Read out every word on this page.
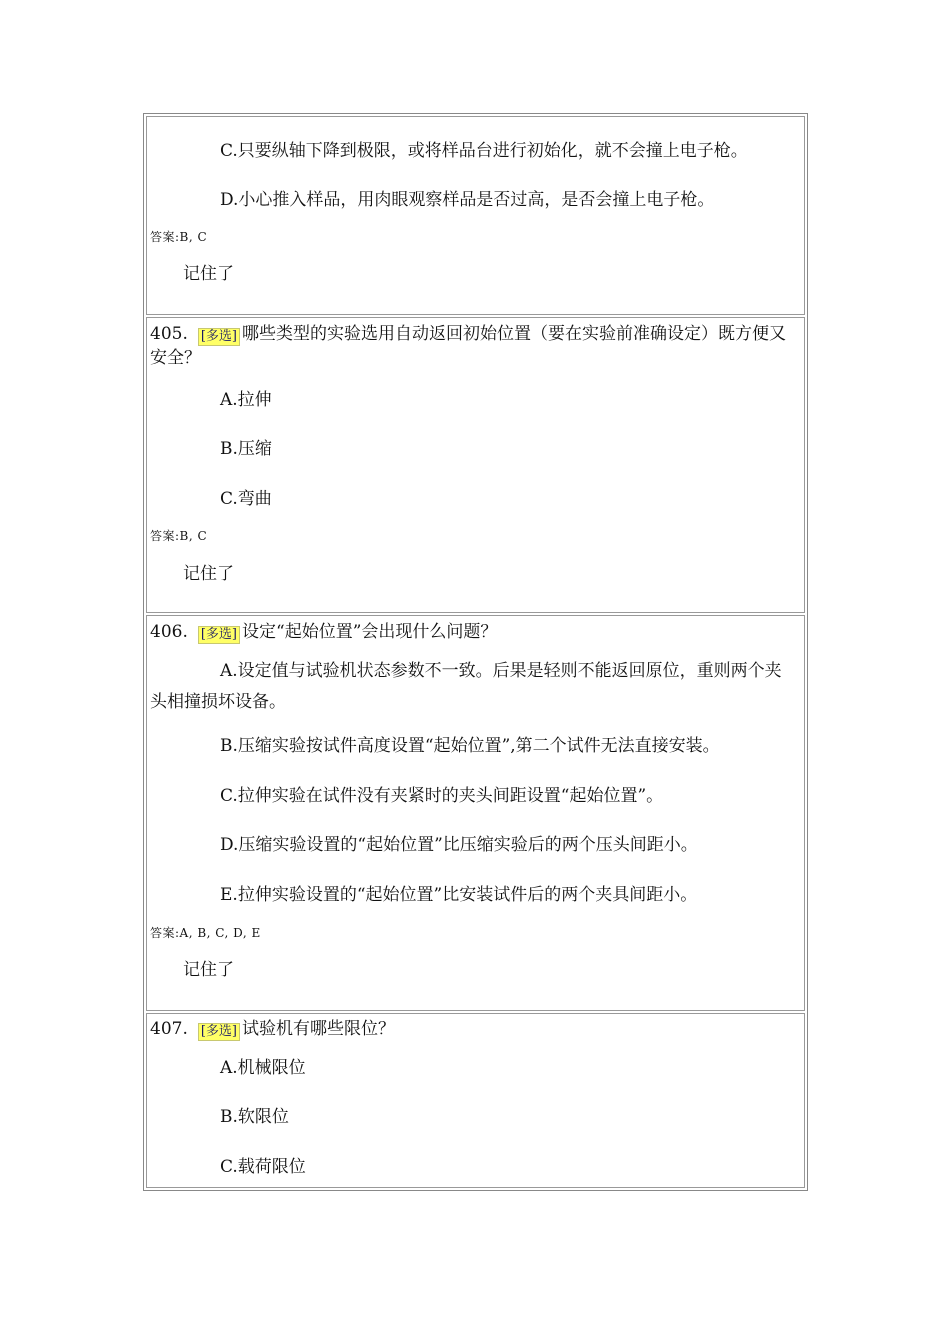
C.只要纵轴下降到极限，或将样品台进行初始化，就不会撞上电子枪。
D.小心推入样品，用肉眼观察样品是否过高，是否会撞上电子枪。
答案:B, C
记住了
405. [多选] 哪些类型的实验选用自动返回初始位置（要在实验前准确设定）既方便又安全？
A.拉伸
B.压缩
C.弯曲
答案:B, C
记住了
406. [多选] 设定“起始位置”会出现什么问题？
A.设定值与试验机状态参数不一致。后果是轻则不能返回原位，重则两个夹头相撞损坏设备。
B.压缩实验按试件高度设置“起始位置”,第二个试件无法直接安装。
C.拉伸实验在试件没有夹紧时的夹头间距设置“起始位置”。
D.压缩实验设置的“起始位置”比压缩实验后的两个压头间距小。
E.拉伸实验设置的“起始位置”比安装试件后的两个夹具间距小。
答案:A, B, C, D, E
记住了
407. [多选] 试验机有哪些限位？
A.机械限位
B.软限位
C.载荷限位
